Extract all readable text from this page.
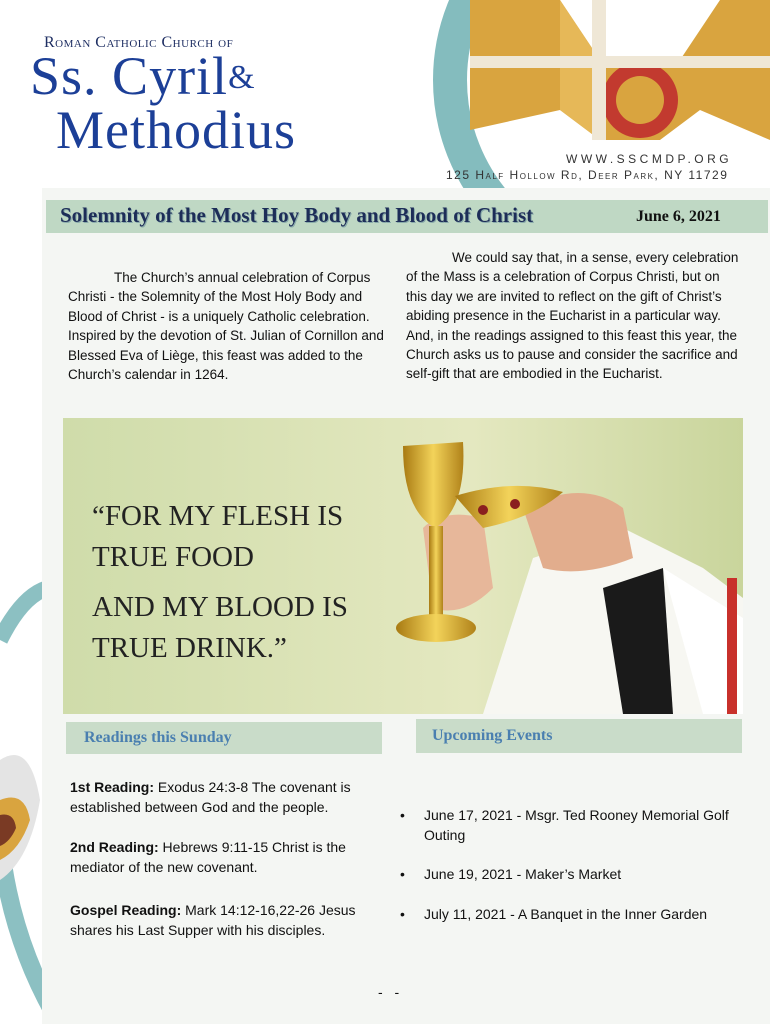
Roman Catholic Church of
Ss. Cyril&
Methodius	WWW.SSCMDP.ORG
125 Half Hollow Rd, Deer Park, NY 11729
Solemnity of the Most Hoy Body and Blood of Christ	June 6, 2021
The Church’s annual celebration of Corpus Christi - the Solemnity of the Most Holy Body and Blood of Christ - is a uniquely Catholic celebration. Inspired by the devotion of St. Julian of Cornillon and Blessed Eva of Liège, this feast was added to the Church’s calendar in 1264.
We could say that, in a sense, every celebration of the Mass is a celebration of Corpus Christi, but on this day we are invited to reflect on the gift of Christ’s abiding presence in the Eucharist in a particular way. And, in the readings assigned to this feast this year, the Church asks us to pause and consider the sacrifice and self-gift that are embodied in the Eucharist.
“FOR MY FLESH IS
TRUE FOOD
AND MY BLOOD IS
TRUE DRINK.”
Readings this Sunday
1st Reading: Exodus 24:3-8 The covenant is established between God and the people.
2nd Reading: Hebrews 9:11-15 Christ is the mediator of the new covenant.
Gospel Reading: Mark 14:12-16,22-26 Jesus shares his Last Supper with his disciples.
Upcoming Events
• June 17, 2021 - Msgr. Ted Rooney Memorial Golf Outing
• June 19, 2021 - Maker’s Market
• July 11, 2021 - A Banquet in the Inner Garden
- -
